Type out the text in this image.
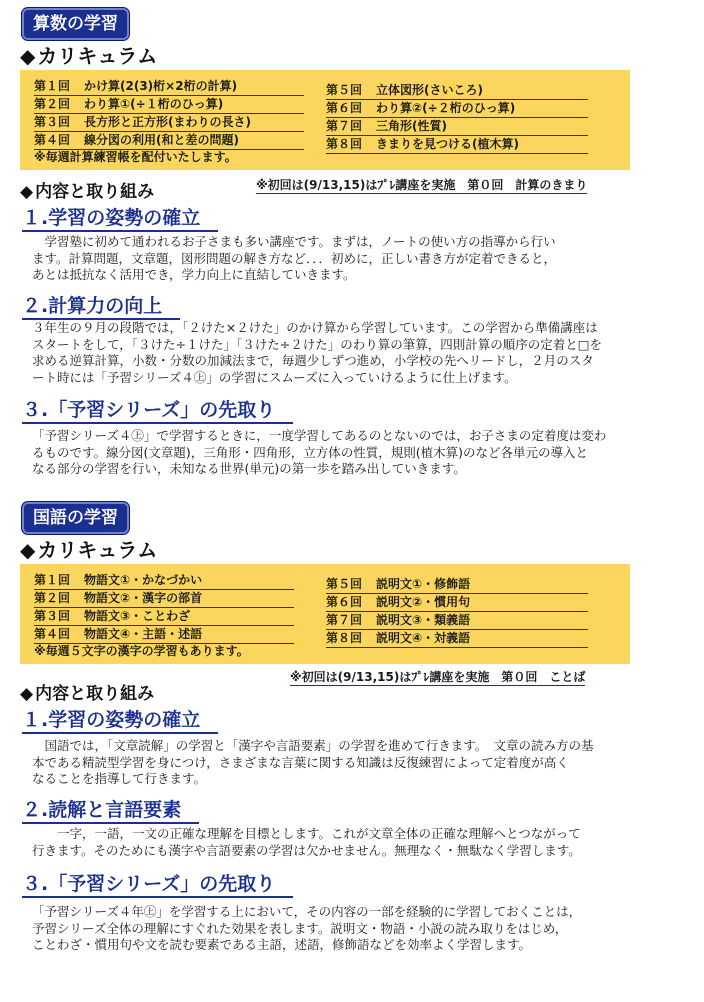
算数の学習
◆ カリキュラム
第１回 かけ算(2(3)桁×2桁の計算)
第２回 わり算①(÷１桁のひっ算)
第３回 長方形と正方形(まわりの長さ)
第４回 線分図の利用(和と差の問題)
第５回 立体図形(さいころ)
第６回 わり算②(÷２桁のひっ算)
第７回 三角形(性質)
第８回 きまりを見つける(植木算)
※毎週計算練習帳を配付いたします。
※初回は(9/13,15)はﾌﾟﾚ講座を実施　第０回　計算のきまり
◆ 内容と取り組み
１.学習の姿勢の確立

　学習塾に初めて通われるお子さまも多い講座です。まずは，ノートの使い方の指導から行い

ます。計算問題，文章題，図形問題の解き方など．．．初めに，正しい書き方が定着できると，

あとは抵抗なく活用でき，学力向上に直結していきます。

２.計算力の向上

３年生の９月の段階では，「２けた×２けた」のかけ算から学習しています。この学習から準備講座は

スタートをして，「３けた÷１けた」「３けた÷２けた」のわり算の筆算，四則計算の順序の定着と□を

求める逆算計算，小数・分数の加減法まで，毎週少しずつ進め，小学校の先へリードし，２月のスタ

ート時には「予習シリーズ４㊤」の学習にスムーズに入っていけるように仕上げます。

３.「予習シリーズ」の先取り

「予習シリーズ４㊤」で学習するときに，一度学習してあるのとないのでは，お子さまの定着度は変わ

るものです。線分図(文章題)，三角形・四角形，立方体の性質，規則(植木算)のなど各単元の導入と

なる部分の学習を行い，未知なる世界(単元)の第一歩を踏み出していきます。

国語の学習
◆ カリキュラム
第１回 物語文①・かなづかい
第２回 物語文②・漢字の部首
第３回 物語文③・ことわざ
第４回 物語文④・主語・述語
第５回 説明文①・修飾語
第６回 説明文②・慣用句
第７回 説明文③・類義語
第８回 説明文④・対義語
※毎週５文字の漢字の学習もあります。
※初回は(9/13,15)はﾌﾟﾚ講座を実施　第０回　ことば
◆ 内容と取り組み
１.学習の姿勢の確立

　国語では，「文章読解」の学習と「漢字や言語要素」の学習を進めて行きます。　文章の読み方の基

本である精読型学習を身につけ，さまざまな言葉に関する知識は反復練習によって定着度が高く

なることを指導して行きます。

２.読解と言語要素

　　一字，一語，一文の正確な理解を目標とします。これが文章全体の正確な理解へとつながって

行きます。そのためにも漢字や言語要素の学習は欠かせません。無理なく・無駄なく学習します。

３.「予習シリーズ」の先取り

「予習シリーズ４年㊤」を学習する上において，その内容の一部を経験的に学習しておくことは，

予習シリーズ全体の理解にすぐれた効果を表します。説明文・物語・小説の読み取りをはじめ，

ことわざ・慣用句や文を読む要素である主語，述語，修飾語などを効率よく学習します。
